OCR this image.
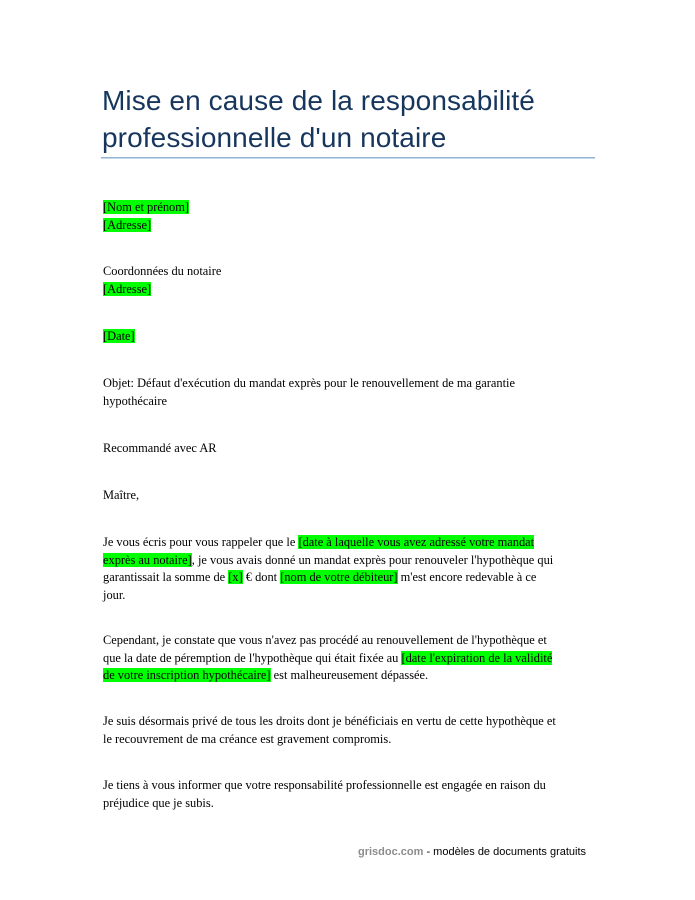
Mise en cause de la responsabilité
professionnelle d'un notaire
[Nom et prénom]
[Adresse]
Coordonnées du notaire
[Adresse]
[Date]
Objet: Défaut d'exécution du mandat exprès pour le renouvellement de ma garantie
hypothécaire
Recommandé avec AR
Maître,
Je vous écris pour vous rappeler que le [date à laquelle vous avez adressé votre mandat
exprès au notaire], je vous avais donné un mandat exprès pour renouveler l'hypothèque qui
garantissait la somme de [x] € dont [nom de votre débiteur] m'est encore redevable à ce
jour.
Cependant, je constate que vous n'avez pas procédé au renouvellement de l'hypothèque et
que la date de péremption de l'hypothèque qui était fixée au [date l'expiration de la validité
de votre inscription hypothécaire] est malheureusement dépassée.
Je suis désormais privé de tous les droits dont je bénéficiais en vertu de cette hypothèque et
le recouvrement de ma créance est gravement compromis.
Je tiens à vous informer que votre responsabilité professionnelle est engagée en raison du
préjudice que je subis.
grisdoc.com - modèles de documents gratuits
